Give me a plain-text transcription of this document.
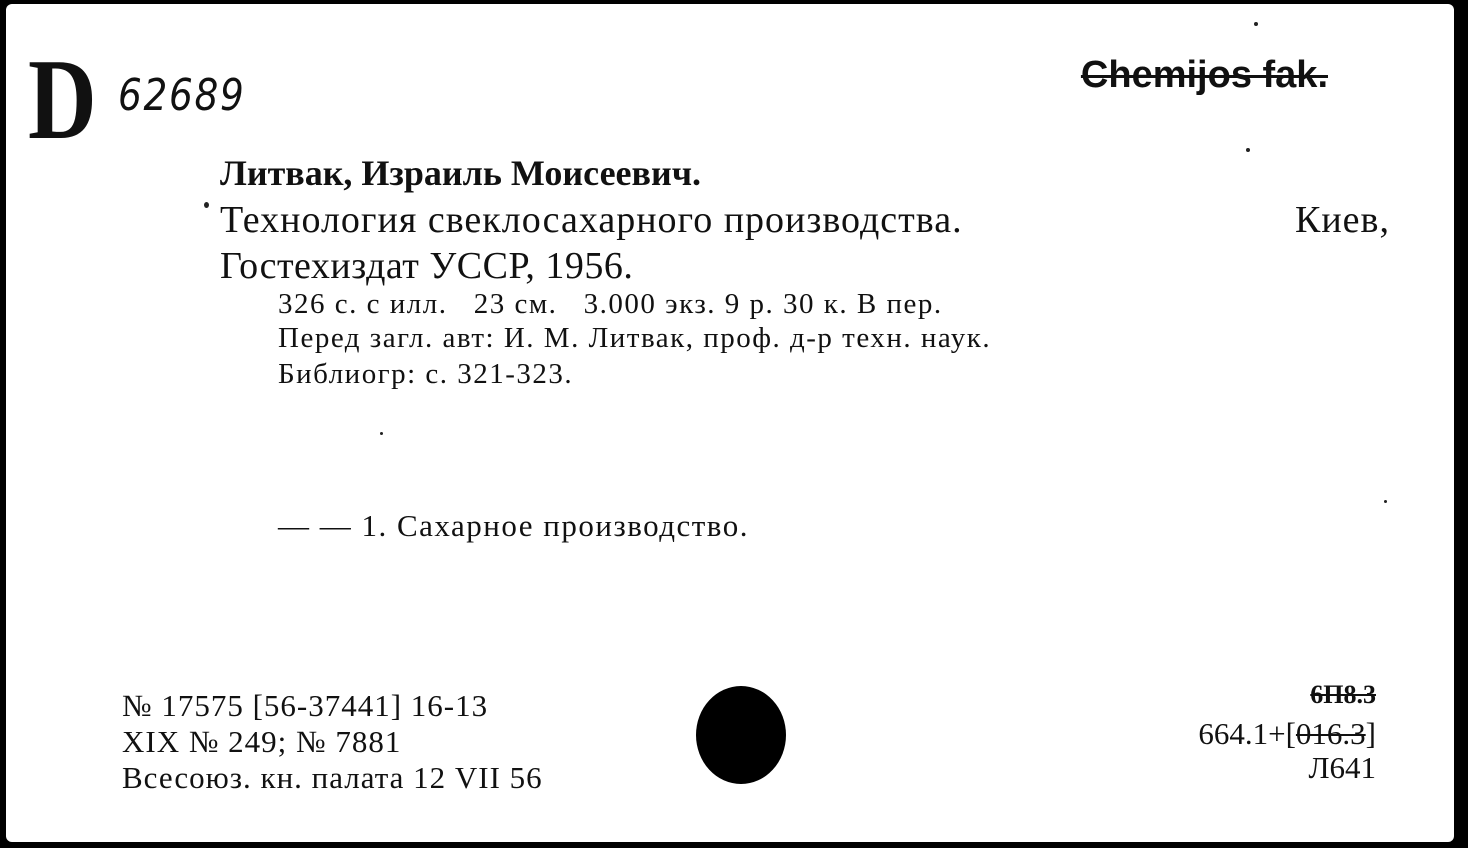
D 62689	Chemijos fak.
Литвак, Израиль Моисеевич.
Технология свеклосахарного производства.	Киев,
Гостехиздат УССР, 1956.
326 с. с илл.   23 см.   3.000 экз. 9 р. 30 к. В пер.
Перед загл. авт: И. М. Литвак, проф. д-р техн. наук.
Библиогр: с. 321-323.
— — 1. Сахарное производство.
№ 17575 [56-37441] 16-13
XIX № 249; № 7881
Всесоюз. кн. палата 12 VII 56
6П8.3
664.1+[016.3]
Л641
